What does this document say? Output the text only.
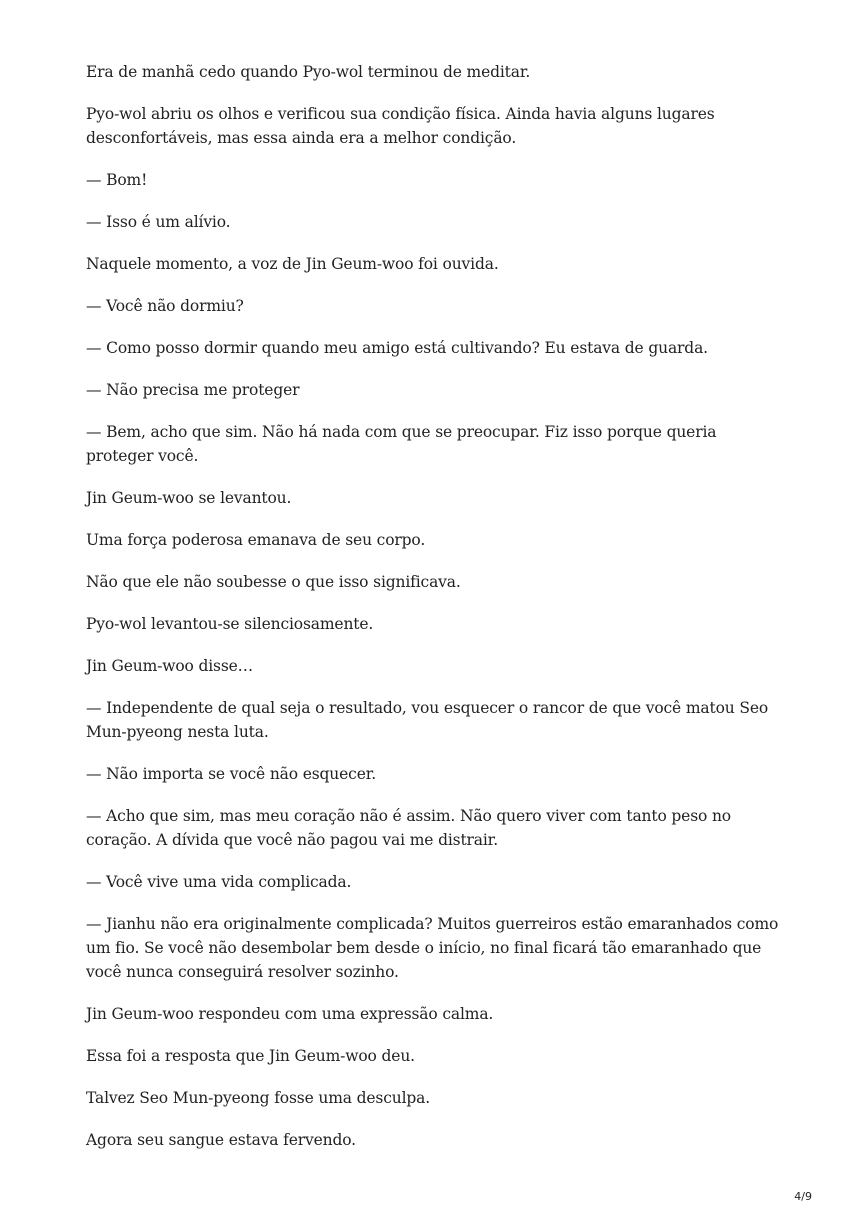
Era de manhã cedo quando Pyo-wol terminou de meditar.

Pyo-wol abriu os olhos e verificou sua condição física. Ainda havia alguns lugares desconfortáveis, mas essa ainda era a melhor condição.

— Bom!

— Isso é um alívio.

Naquele momento, a voz de Jin Geum-woo foi ouvida.

— Você não dormiu?

— Como posso dormir quando meu amigo está cultivando? Eu estava de guarda.

— Não precisa me proteger

— Bem, acho que sim. Não há nada com que se preocupar. Fiz isso porque queria proteger você.

Jin Geum-woo se levantou.

Uma força poderosa emanava de seu corpo.

Não que ele não soubesse o que isso significava.

Pyo-wol levantou-se silenciosamente.

Jin Geum-woo disse…

— Independente de qual seja o resultado, vou esquecer o rancor de que você matou Seo Mun-pyeong nesta luta.

— Não importa se você não esquecer.

— Acho que sim, mas meu coração não é assim. Não quero viver com tanto peso no coração. A dívida que você não pagou vai me distrair.

— Você vive uma vida complicada.

— Jianhu não era originalmente complicada? Muitos guerreiros estão emaranhados como um fio. Se você não desembolar bem desde o início, no final ficará tão emaranhado que você nunca conseguirá resolver sozinho.

Jin Geum-woo respondeu com uma expressão calma.

Essa foi a resposta que Jin Geum-woo deu.

Talvez Seo Mun-pyeong fosse uma desculpa.

Agora seu sangue estava fervendo.

4/9
